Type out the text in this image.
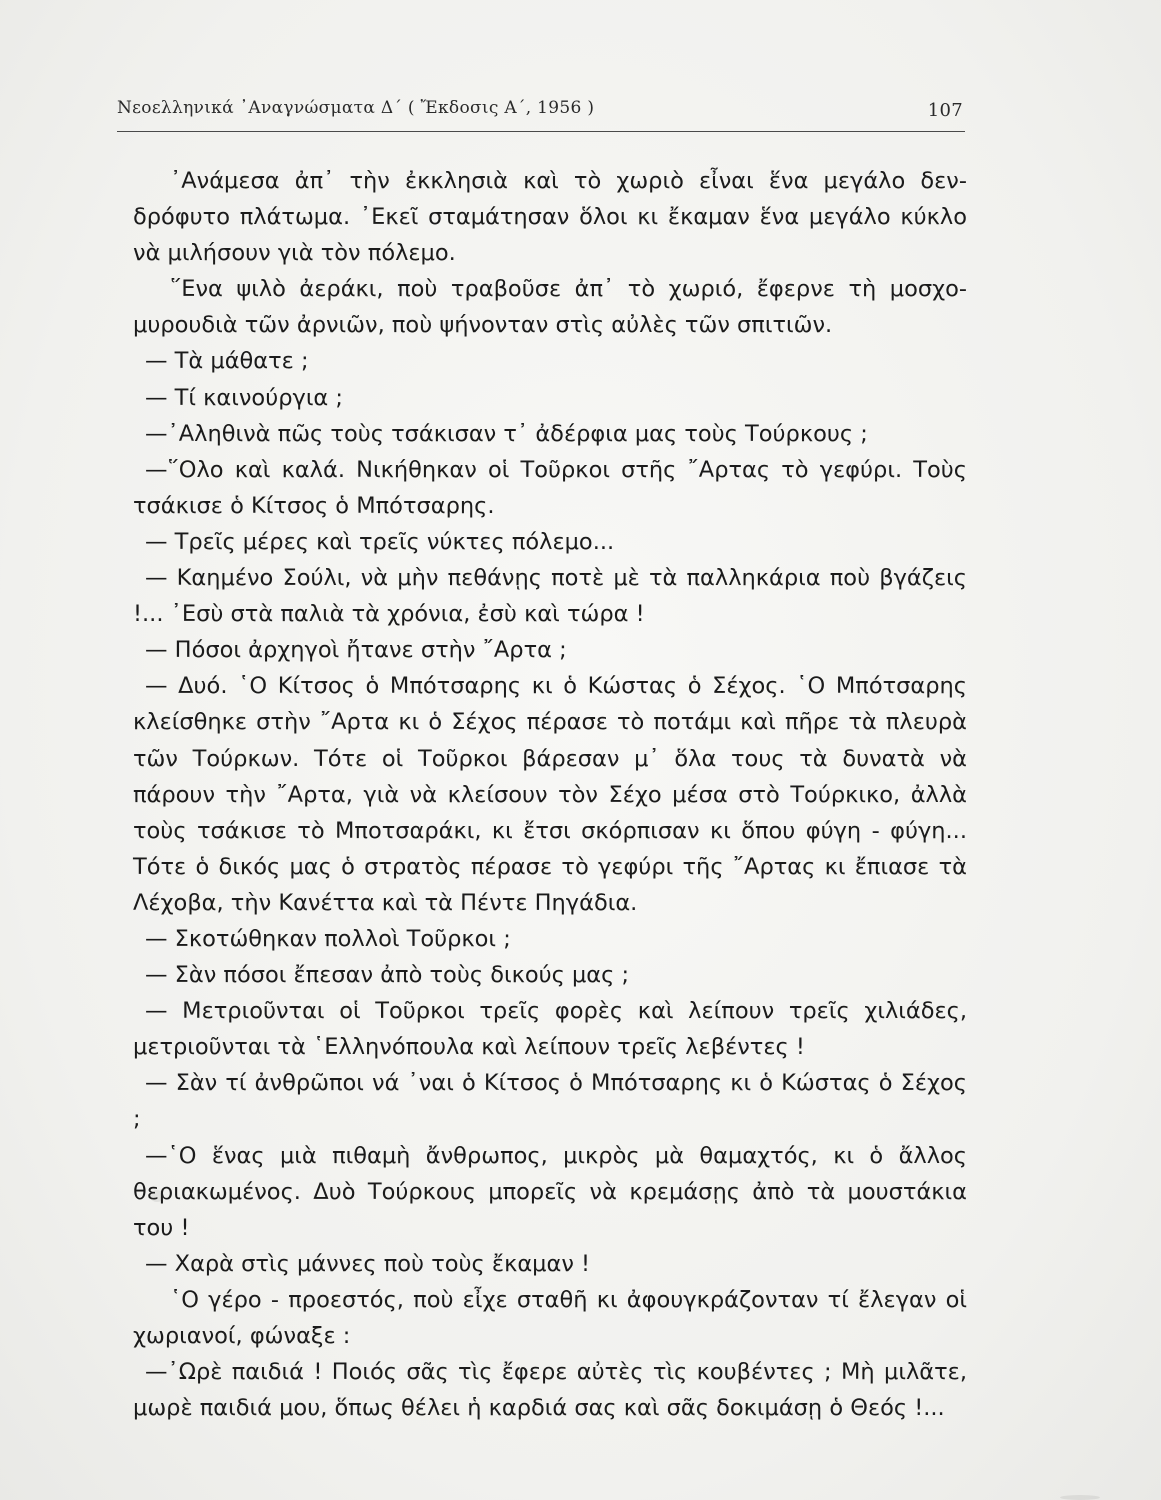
Νεοελληνικά ᾿Αναγνώσματα Δ΄ ( Ἔκδοσις Α΄, 1956 )	107

᾿Ανάμεσα ἀπ᾿ τὴν ἐκκλησιὰ καὶ τὸ χωριὸ εἶναι ἕνα μεγάλο δενδρόφυτο πλάτωμα. ᾿Εκεῖ σταμάτησαν ὅλοι κι ἔκαμαν ἕνα μεγάλο κύκλο νὰ μιλήσουν γιὰ τὸν πόλεμο.

῞Ενα ψιλὸ ἀεράκι, ποὺ τραβοῦσε ἀπ᾿ τὸ χωριό, ἔφερνε τὴ μοσχομυρουδιὰ τῶν ἀρνιῶν, ποὺ ψήνονταν στὶς αὐλὲς τῶν σπιτιῶν.

— Τὰ μάθατε ;

— Τί καινούργια ;

—᾿Αληθινὰ πῶς τοὺς τσάκισαν τ᾿ ἀδέρφια μας τοὺς Τούρκους ;

—῞Ολο καὶ καλά. Νικήθηκαν οἱ Τοῦρκοι στῆς ῎Αρτας τὸ γεφύρι. Τοὺς τσάκισε ὁ Κίτσος ὁ Μπότσαρης.

— Τρεῖς μέρες καὶ τρεῖς νύκτες πόλεμο...

— Καημένο Σούλι, νὰ μὴν πεθάνῃς ποτὲ μὲ τὰ παλληκάρια ποὺ βγάζεις !... ᾿Εσὺ στὰ παλιὰ τὰ χρόνια, ἐσὺ καὶ τώρα !

— Πόσοι ἀρχηγοὶ ἤτανε στὴν ῎Αρτα ;

— Δυό. ῾Ο Κίτσος ὁ Μπότσαρης κι ὁ Κώστας ὁ Σέχος. ῾Ο Μπότσαρης κλείσθηκε στὴν ῎Αρτα κι ὁ Σέχος πέρασε τὸ ποτάμι καὶ πῆρε τὰ πλευρὰ τῶν Τούρκων. Τότε οἱ Τοῦρκοι βάρεσαν μ᾿ ὅλα τους τὰ δυνατὰ νὰ πάρουν τὴν ῎Αρτα, γιὰ νὰ κλείσουν τὸν Σέχο μέσα στὸ Τούρκικο, ἀλλὰ τοὺς τσάκισε τὸ Μποτσαράκι, κι ἔτσι σκόρπισαν κι ὅπου φύγη - φύγη... Τότε ὁ δικός μας ὁ στρατὸς πέρασε τὸ γεφύρι τῆς ῎Αρτας κι ἔπιασε τὰ Λέχοβα, τὴν Κανέττα καὶ τὰ Πέντε Πηγάδια.

— Σκοτώθηκαν πολλοὶ Τοῦρκοι ;

— Σὰν πόσοι ἔπεσαν ἀπὸ τοὺς δικούς μας ;

— Μετριοῦνται οἱ Τοῦρκοι τρεῖς φορὲς καὶ λείπουν τρεῖς χιλιάδες, μετριοῦνται τὰ ῾Ελληνόπουλα καὶ λείπουν τρεῖς λεβέντες !

— Σὰν τί ἀνθρῶποι νά ᾿ναι ὁ Κίτσος ὁ Μπότσαρης κι ὁ Κώστας ὁ Σέχος ;

—῾Ο ἕνας μιὰ πιθαμὴ ἄνθρωπος, μικρὸς μὰ θαμαχτός, κι ὁ ἄλλος θεριακωμένος. Δυὸ Τούρκους μπορεῖς νὰ κρεμάσῃς ἀπὸ τὰ μουστάκια του !

— Χαρὰ στὶς μάννες ποὺ τοὺς ἔκαμαν !

῾Ο γέρο - προεστός, ποὺ εἶχε σταθῆ κι ἀφουγκράζονταν τί ἔλεγαν οἱ χωριανοί, φώναξε :

—᾿Ωρὲ παιδιά ! Ποιός σᾶς τὶς ἔφερε αὐτὲς τὶς κουβέντες ; Μὴ μιλᾶτε, μωρὲ παιδιά μου, ὅπως θέλει ἡ καρδιά σας καὶ σᾶς δοκιμάσῃ ὁ Θεός !...
